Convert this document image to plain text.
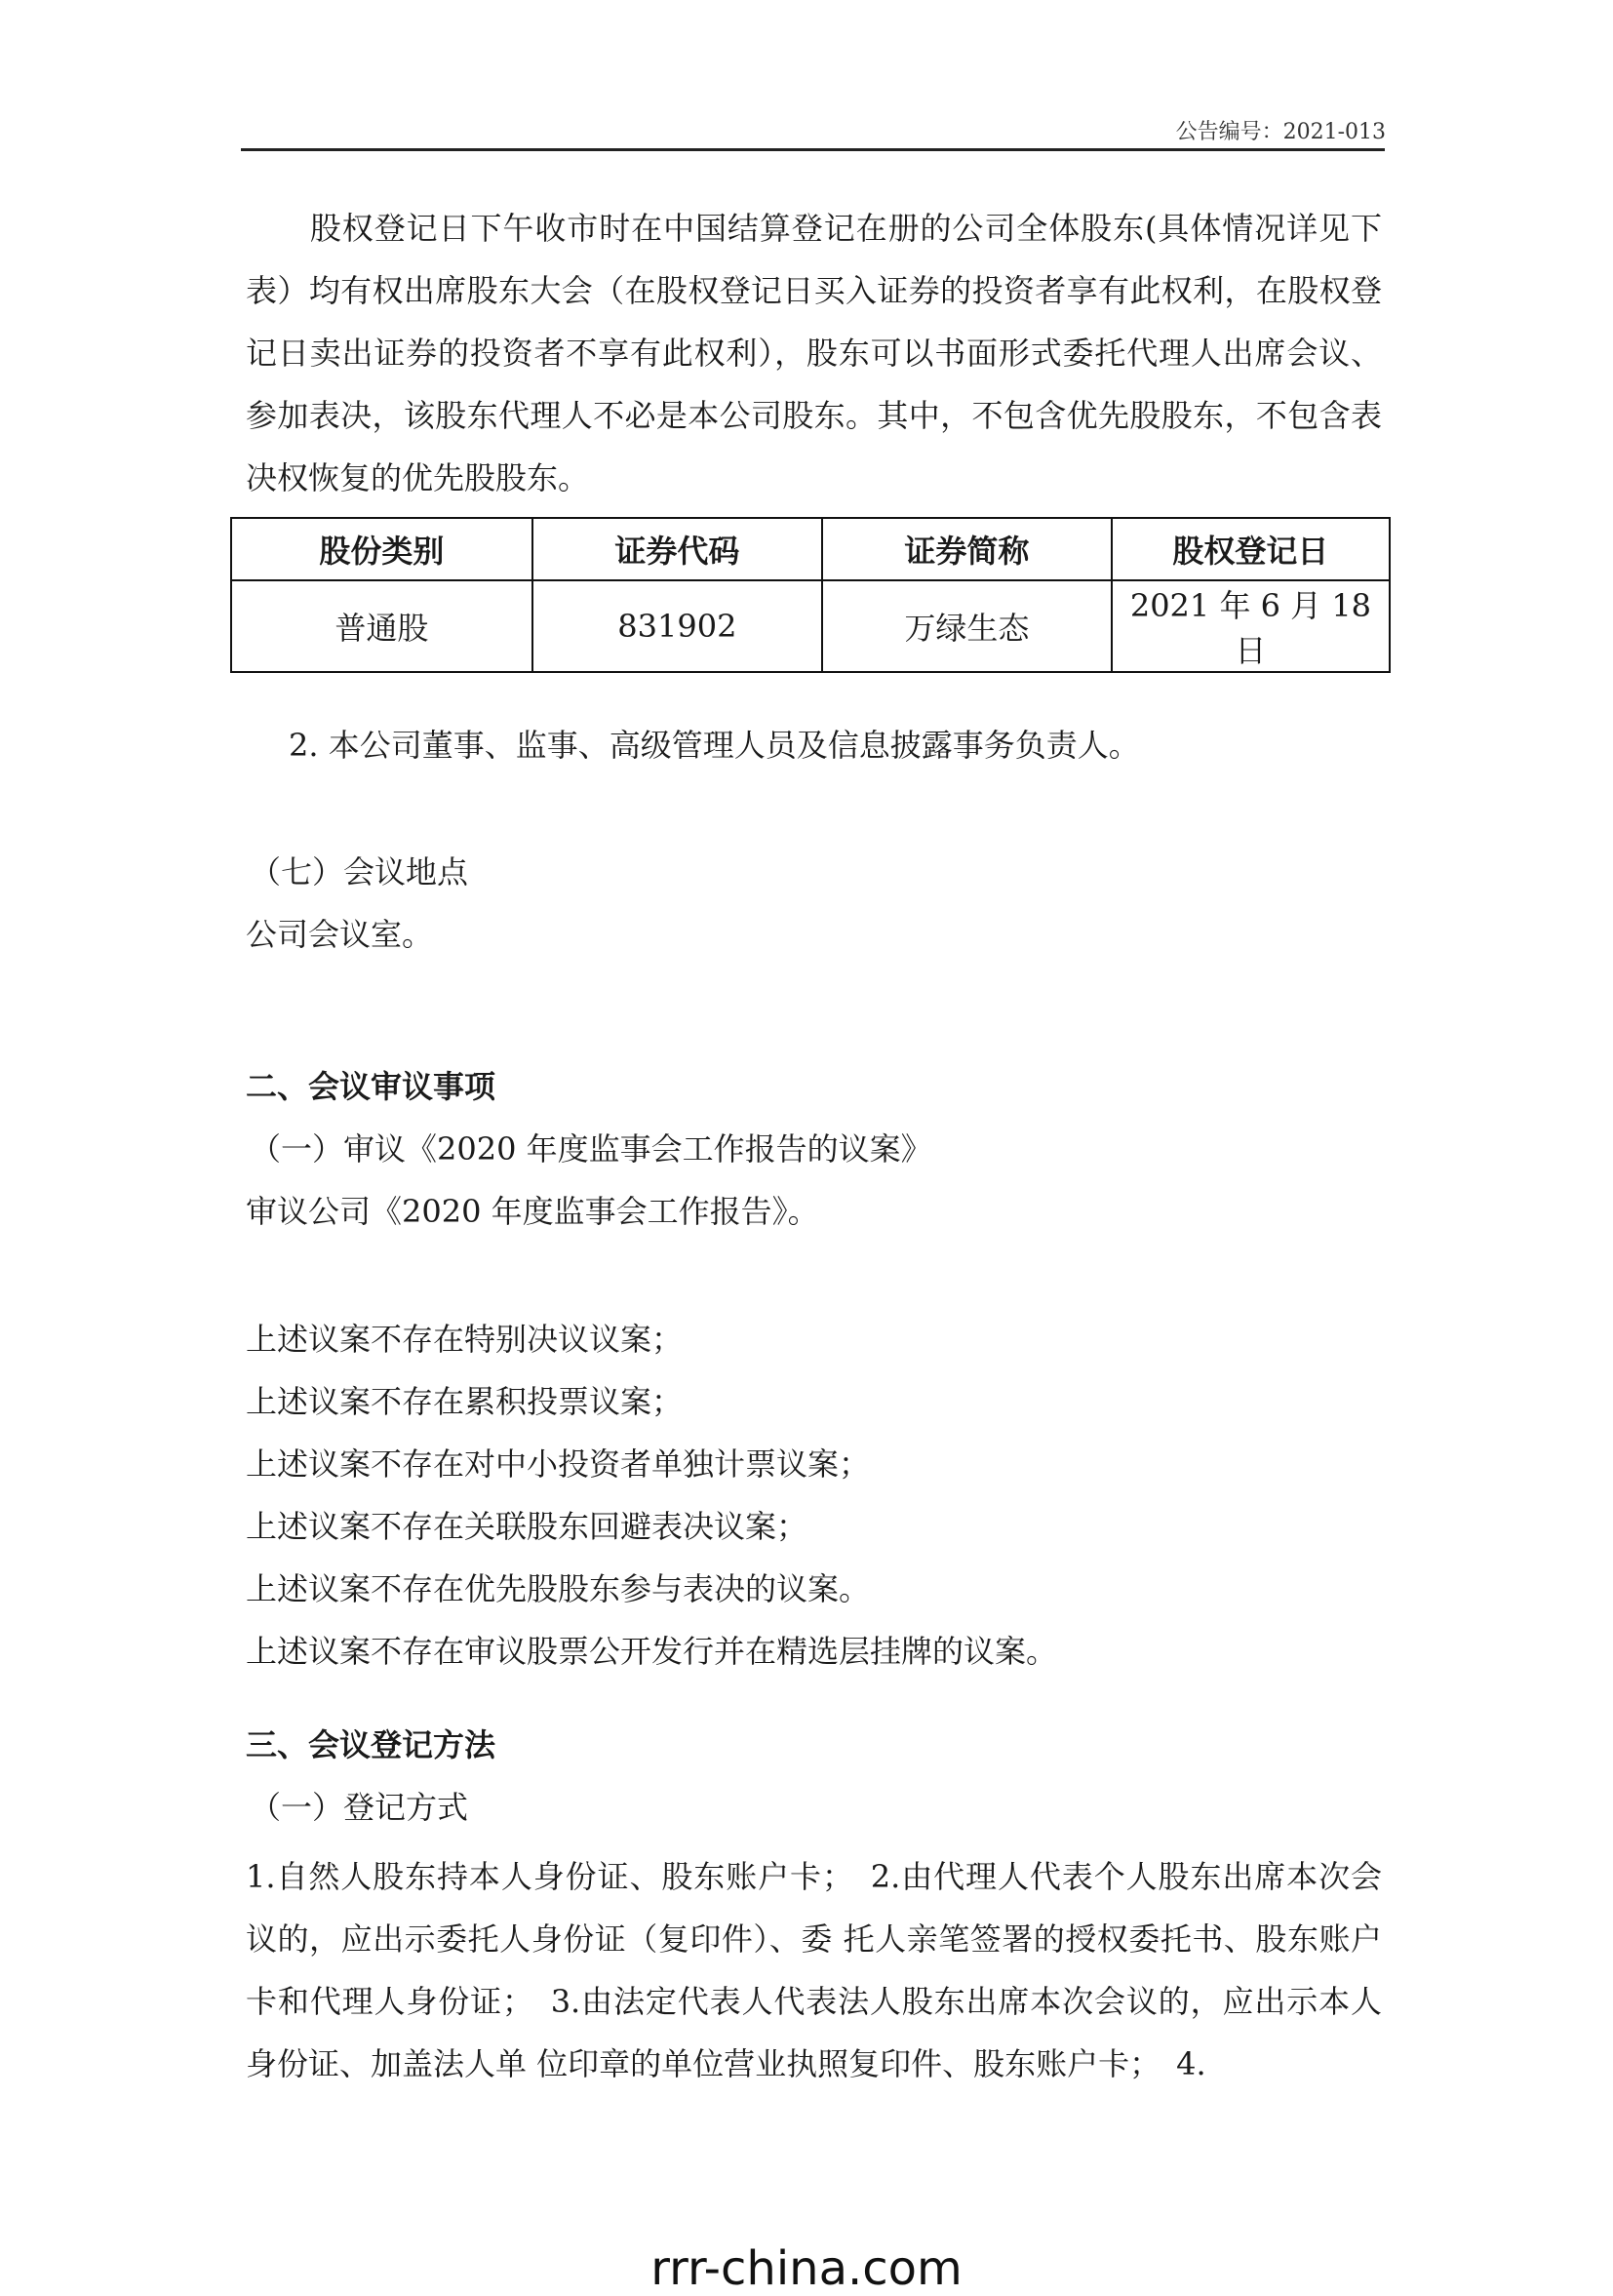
公告编号：2021-013
　　股权登记日下午收市时在中国结算登记在册的公司全体股东(具体情况详见下表）均有权出席股东大会（在股权登记日买入证券的投资者享有此权利，在股权登记日卖出证券的投资者不享有此权利），股东可以书面形式委托代理人出席会议、参加表决，该股东代理人不必是本公司股东。其中，不包含优先股股东，不包含表决权恢复的优先股股东。
股份类别	证券代码	证券简称	股权登记日
普通股	831902	万绿生态	2021 年 6 月 18 日
2. 本公司董事、监事、高级管理人员及信息披露事务负责人。
（七）会议地点
公司会议室。
二、会议审议事项
（一）审议《2020 年度监事会工作报告的议案》
审议公司《2020 年度监事会工作报告》。
上述议案不存在特别决议议案；
上述议案不存在累积投票议案；
上述议案不存在对中小投资者单独计票议案；
上述议案不存在关联股东回避表决议案；
上述议案不存在优先股股东参与表决的议案。
上述议案不存在审议股票公开发行并在精选层挂牌的议案。
三、会议登记方法
（一）登记方式
1.自然人股东持本人身份证、股东账户卡；　2.由代理人代表个人股东出席本次会议的，应出示委托人身份证（复印件）、委 托人亲笔签署的授权委托书、股东账户卡和代理人身份证；　3.由法定代表人代表法人股东出席本次会议的，应出示本人身份证、加盖法人单 位印章的单位营业执照复印件、股东账户卡；　4.
rrr-china.com
